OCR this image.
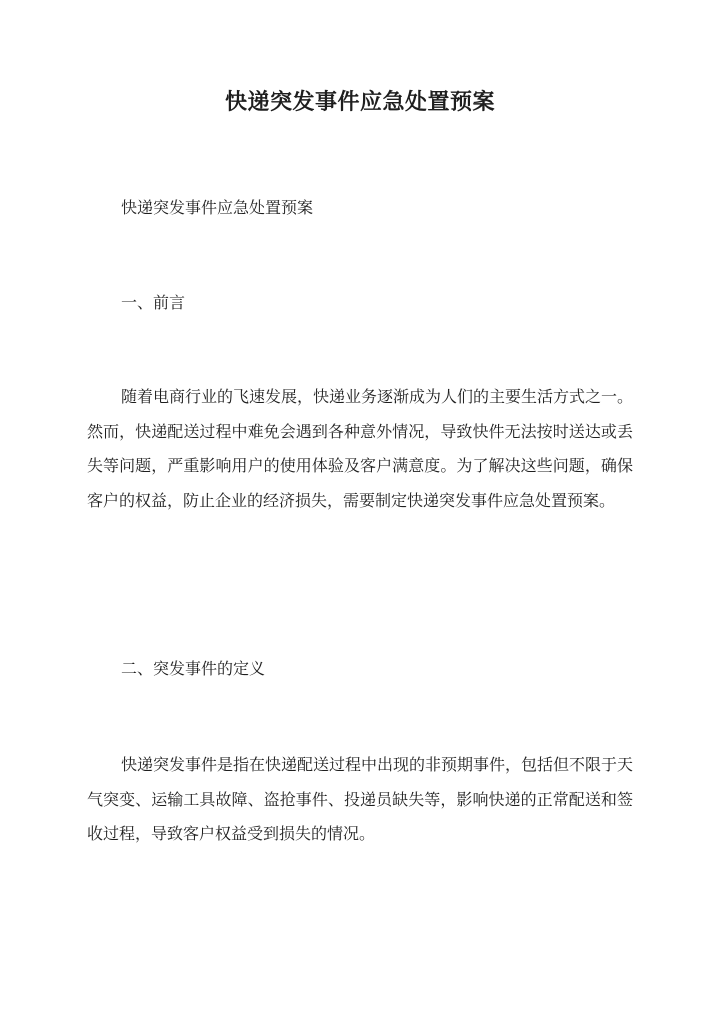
快递突发事件应急处置预案

快递突发事件应急处置预案

一、前言

随着电商行业的飞速发展，快递业务逐渐成为人们的主要生活方式之一。然而，快递配送过程中难免会遇到各种意外情况，导致快件无法按时送达或丢失等问题，严重影响用户的使用体验及客户满意度。为了解决这些问题，确保客户的权益，防止企业的经济损失，需要制定快递突发事件应急处置预案。

二、突发事件的定义

快递突发事件是指在快递配送过程中出现的非预期事件，包括但不限于天气突变、运输工具故障、盗抢事件、投递员缺失等，影响快递的正常配送和签收过程，导致客户权益受到损失的情况。
